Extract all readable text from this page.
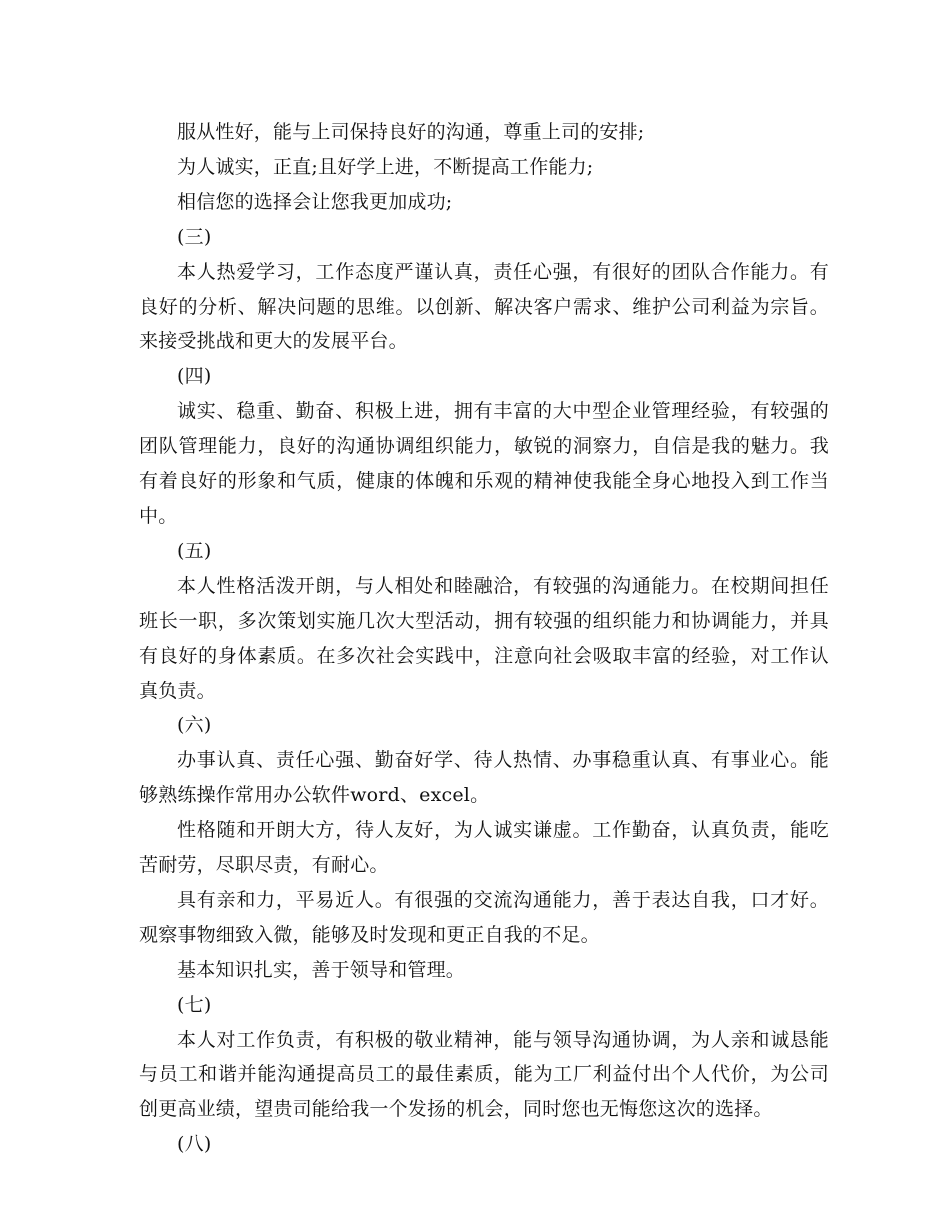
服从性好，能与上司保持良好的沟通，尊重上司的安排;

为人诚实，正直;且好学上进，不断提高工作能力;

相信您的选择会让您我更加成功;

(三)

本人热爱学习，工作态度严谨认真，责任心强，有很好的团队合作能力。有良好的分析、解决问题的思维。以创新、解决客户需求、维护公司利益为宗旨。来接受挑战和更大的发展平台。

(四)

诚实、稳重、勤奋、积极上进，拥有丰富的大中型企业管理经验，有较强的团队管理能力，良好的沟通协调组织能力，敏锐的洞察力，自信是我的魅力。我有着良好的形象和气质，健康的体魄和乐观的精神使我能全身心地投入到工作当中。

(五)

本人性格活泼开朗，与人相处和睦融洽，有较强的沟通能力。在校期间担任班长一职，多次策划实施几次大型活动，拥有较强的组织能力和协调能力，并具有良好的身体素质。在多次社会实践中，注意向社会吸取丰富的经验，对工作认真负责。

(六)

办事认真、责任心强、勤奋好学、待人热情、办事稳重认真、有事业心。能够熟练操作常用办公软件word、excel。

性格随和开朗大方，待人友好，为人诚实谦虚。工作勤奋，认真负责，能吃苦耐劳，尽职尽责，有耐心。

具有亲和力，平易近人。有很强的交流沟通能力，善于表达自我，口才好。观察事物细致入微，能够及时发现和更正自我的不足。

基本知识扎实，善于领导和管理。

(七)

本人对工作负责，有积极的敬业精神，能与领导沟通协调，为人亲和诚恳能与员工和谐并能沟通提高员工的最佳素质，能为工厂利益付出个人代价，为公司创更高业绩，望贵司能给我一个发扬的机会，同时您也无悔您这次的选择。

(八)
